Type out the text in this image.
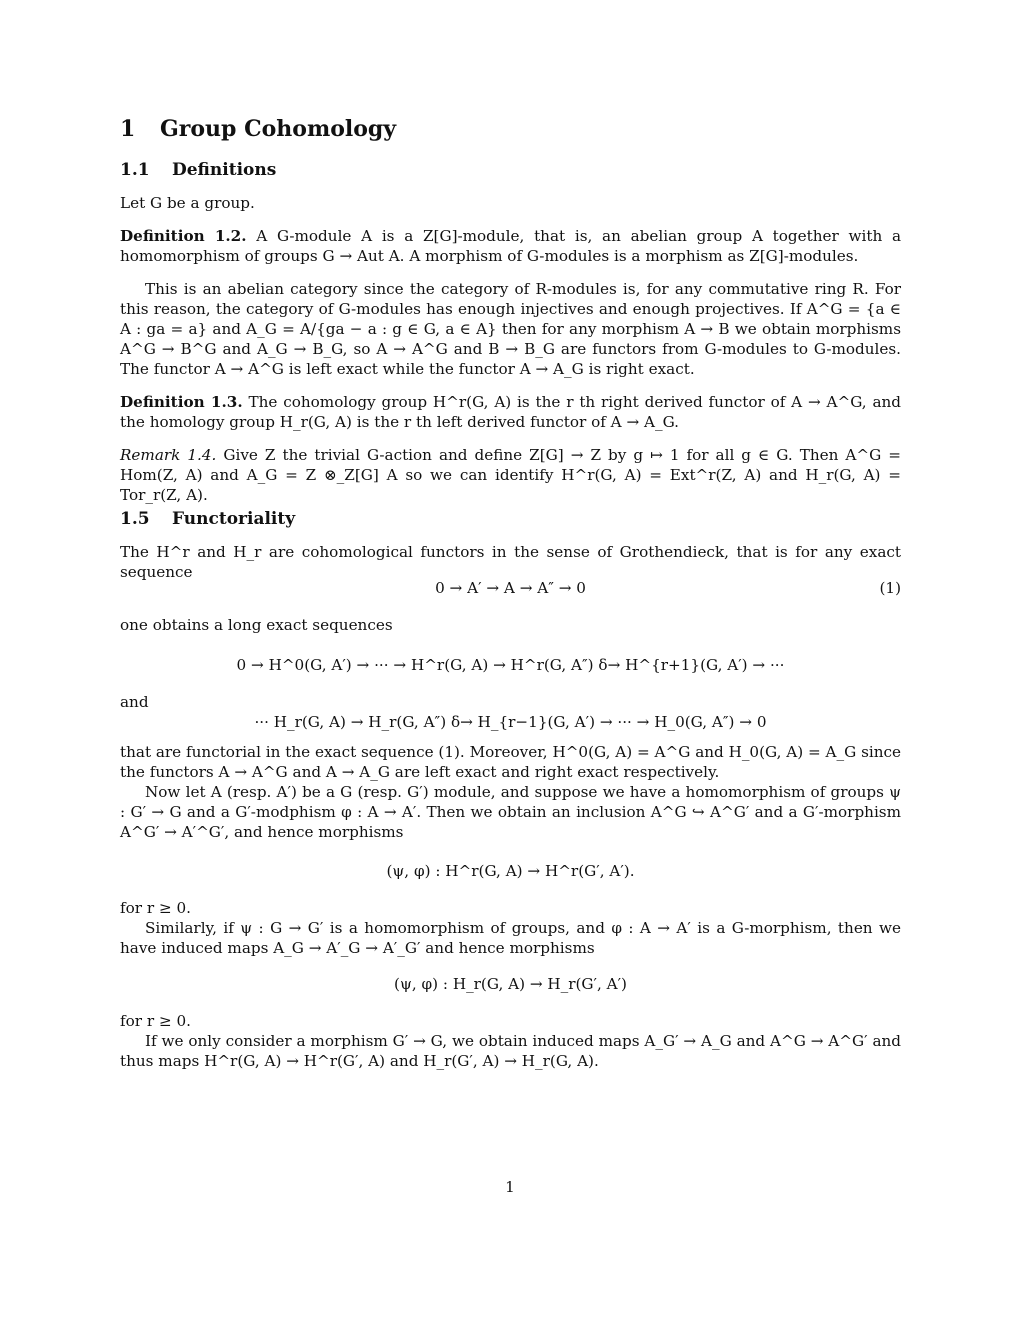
1 Group Cohomology
1.1 Definitions
Let G be a group.
Definition 1.2. A G-module A is a Z[G]-module, that is, an abelian group A together with a homomorphism of groups G → Aut A. A morphism of G-modules is a morphism as Z[G]-modules.
This is an abelian category since the category of R-modules is, for any commutative ring R. For this reason, the category of G-modules has enough injectives and enough projectives. If A^G = {a ∈ A : ga = a} and A_G = A/{ga − a : g ∈ G, a ∈ A} then for any morphism A → B we obtain morphisms A^G → B^G and A_G → B_G, so A → A^G and B → B_G are functors from G-modules to G-modules. The functor A → A^G is left exact while the functor A → A_G is right exact.
Definition 1.3. The cohomology group H^r(G, A) is the r th right derived functor of A → A^G, and the homology group H_r(G, A) is the r th left derived functor of A → A_G.
Remark 1.4. Give Z the trivial G-action and define Z[G] → Z by g ↦ 1 for all g ∈ G. Then A^G = Hom(Z, A) and A_G = Z ⊗_Z[G] A so we can identify H^r(G, A) = Ext^r(Z, A) and H_r(G, A) = Tor_r(Z, A).
1.5 Functoriality
The H^r and H_r are cohomological functors in the sense of Grothendieck, that is for any exact sequence
0 → A′ → A → A″ → 0	(1)
one obtains a long exact sequences
0 → H^0(G, A′) → ··· → H^r(G, A) → H^r(G, A″) δ→ H^{r+1}(G, A′) → ···
and
··· H_r(G, A) → H_r(G, A″) δ→ H_{r−1}(G, A′) → ··· → H_0(G, A″) → 0
that are functorial in the exact sequence (1). Moreover, H^0(G, A) = A^G and H_0(G, A) = A_G since the functors A → A^G and A → A_G are left exact and right exact respectively.
Now let A (resp. A′) be a G (resp. G′) module, and suppose we have a homomorphism of groups ψ : G′ → G and a G′-modphism φ : A → A′. Then we obtain an inclusion A^G ↪ A^G′ and a G′-morphism A^G′ → A′^G′, and hence morphisms
(ψ, φ) : H^r(G, A) → H^r(G′, A′).
for r ≥ 0.
Similarly, if ψ : G → G′ is a homomorphism of groups, and φ : A → A′ is a G-morphism, then we have induced maps A_G → A′_G → A′_G′ and hence morphisms
(ψ, φ) : H_r(G, A) → H_r(G′, A′)
for r ≥ 0.
If we only consider a morphism G′ → G, we obtain induced maps A_G′ → A_G and A^G → A^G′ and thus maps H^r(G, A) → H^r(G′, A) and H_r(G′, A) → H_r(G, A).
1
